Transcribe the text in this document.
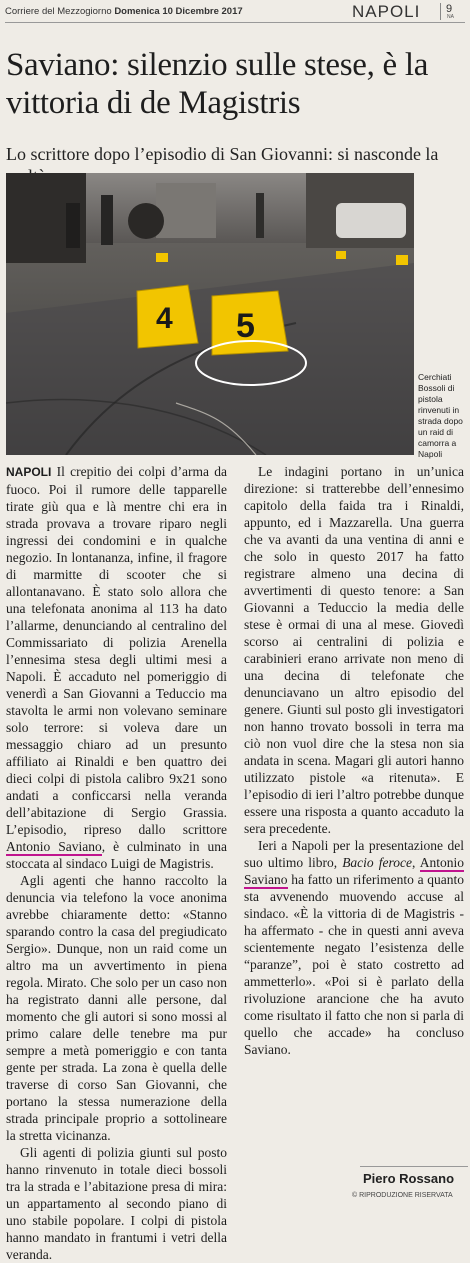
Corriere del Mezzogiorno Domenica 10 Dicembre 2017	NAPOLI 9
NA
Saviano: silenzio sulle stese, è la vittoria di de Magistris
Lo scrittore dopo l’episodio di San Giovanni: si nasconde la
4 5
Cerchiati Bossoli di pistola rinvenuti in strada dopo un raid di camorra a Napoli

NAPOLI Il crepitio dei colpi d’arma da fuoco. Poi il rumore delle tapparelle tirate giù qua e là mentre chi era in strada provava a trovare riparo negli ingressi dei condomini e in qualche negozio. In lontananza, infine, il fragore di marmitte di scooter che si allontanavano. È stato solo allora che una telefonata anonima al 113 ha dato l’allarme, denunciando al centralino del Commissariato di polizia Arenella l’ennesima stesa degli ultimi mesi a Napoli. È accaduto nel pomeriggio di venerdì a San Giovanni a Teduccio ma stavolta le armi non volevano seminare solo terrore: si voleva dare un messaggio chiaro ad un presunto affiliato ai Rinaldi e ben quattro dei dieci colpi di pistola calibro 9x21 sono andati a conficcarsi nella veranda dell’abitazione di Sergio Grassia. L’episodio, ripreso dallo scrittore Antonio Saviano, è culminato in una stoccata al sindaco Luigi de Magistris.

Agli agenti che hanno raccolto la denuncia via telefono la voce anonima avrebbe chiaramente detto: «Stanno sparando contro la casa del pregiudicato Sergio». Dunque, non un raid come un altro ma un avvertimento in piena regola. Mirato. Che solo per un caso non ha registrato danni alle persone, dal momento che gli autori si sono mossi al primo calare delle tenebre ma pur sempre a metà pomeriggio e con tanta gente per strada. La zona è quella delle traverse di corso San Giovanni, che portano la stessa numerazione della strada principale proprio a sottolineare la stretta vicinanza.

Gli agenti di polizia giunti sul posto hanno rinvenuto in totale dieci bossoli tra la strada e l’abitazione presa di mira: un appartamento al secondo piano di uno stabile popolare. I colpi di pistola hanno mandato in frantumi i vetri della veranda.

Le indagini portano in un’unica direzione: si tratterebbe dell’ennesimo capitolo della faida tra i Rinaldi, appunto, ed i Mazzarella. Una guerra che va avanti da una ventina di anni e che solo in questo 2017 ha fatto registrare almeno una decina di avvertimenti di questo tenore: a San Giovanni a Teduccio la media delle stese è ormai di una al mese. Giovedì scorso ai centralini di polizia e carabinieri erano arrivate non meno di una decina di telefonate che denunciavano un altro episodio del genere. Giunti sul posto gli investigatori non hanno trovato bossoli in terra ma ciò non vuol dire che la stesa non sia andata in scena. Magari gli autori hanno utilizzato pistole «a ritenuta». E l’episodio di ieri l’altro potrebbe dunque essere una risposta a quanto accaduto la sera precedente.

Ieri a Napoli per la presentazione del suo ultimo libro, Bacio feroce, Antonio Saviano ha fatto un riferimento a quanto sta avvenendo muovendo accuse al sindaco. «È la vittoria di de Magistris - ha affermato - che in questi anni aveva scientemente negato l’esistenza delle “paranze”, poi è stato costretto ad ammetterlo». «Poi si è parlato della rivoluzione arancione che ha avuto come risultato il fatto che non si parla di quello che accade» ha concluso Saviano.

Piero Rossano
© RIPRODUZIONE RISERVATA
